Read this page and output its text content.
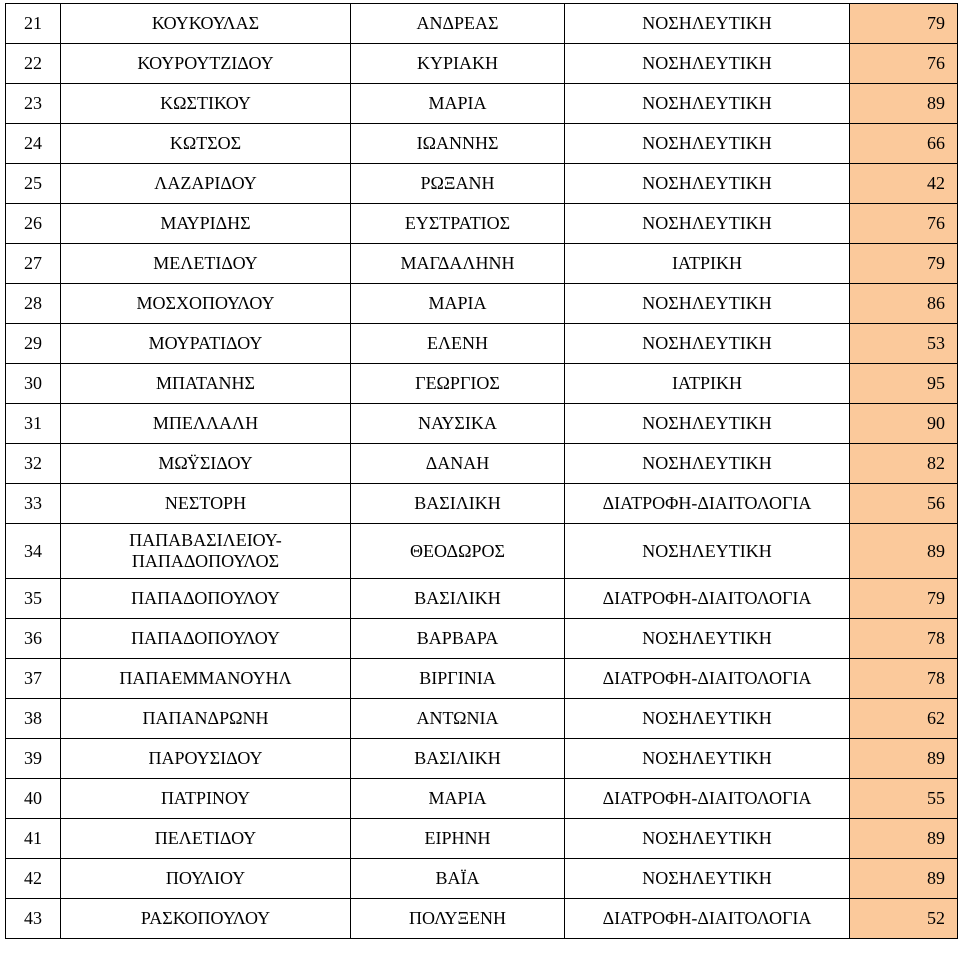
21	ΚΟΥΚΟΥΛΑΣ	ΑΝΔΡΕΑΣ	ΝΟΣΗΛΕΥΤΙΚΗ	79
22	ΚΟΥΡΟΥΤΖΙΔΟΥ	ΚΥΡΙΑΚΗ	ΝΟΣΗΛΕΥΤΙΚΗ	76
23	ΚΩΣΤΙΚΟΥ	ΜΑΡΙΑ	ΝΟΣΗΛΕΥΤΙΚΗ	89
24	ΚΩΤΣΟΣ	ΙΩΑΝΝΗΣ	ΝΟΣΗΛΕΥΤΙΚΗ	66
25	ΛΑΖΑΡΙΔΟΥ	ΡΩΞΑΝΗ	ΝΟΣΗΛΕΥΤΙΚΗ	42
26	ΜΑΥΡΙΔΗΣ	ΕΥΣΤΡΑΤΙΟΣ	ΝΟΣΗΛΕΥΤΙΚΗ	76
27	ΜΕΛΕΤΙΔΟΥ	ΜΑΓΔΑΛΗΝΗ	ΙΑΤΡΙΚΗ	79
28	ΜΟΣΧΟΠΟΥΛΟΥ	ΜΑΡΙΑ	ΝΟΣΗΛΕΥΤΙΚΗ	86
29	ΜΟΥΡΑΤΙΔΟΥ	ΕΛΕΝΗ	ΝΟΣΗΛΕΥΤΙΚΗ	53
30	ΜΠΑΤΑΝΗΣ	ΓΕΩΡΓΙΟΣ	ΙΑΤΡΙΚΗ	95
31	ΜΠΕΛΛΑΛΗ	ΝΑΥΣΙΚΑ	ΝΟΣΗΛΕΥΤΙΚΗ	90
32	ΜΩΫΣΙΔΟΥ	ΔΑΝΑΗ	ΝΟΣΗΛΕΥΤΙΚΗ	82
33	ΝΕΣΤΟΡΗ	ΒΑΣΙΛΙΚΗ	ΔΙΑΤΡΟΦΗ-ΔΙΑΙΤΟΛΟΓΙΑ	56
34	ΠΑΠΑΒΑΣΙΛΕΙΟΥ-
ΠΑΠΑΔΟΠΟΥΛΟΣ	ΘΕΟΔΩΡΟΣ	ΝΟΣΗΛΕΥΤΙΚΗ	89
35	ΠΑΠΑΔΟΠΟΥΛΟΥ	ΒΑΣΙΛΙΚΗ	ΔΙΑΤΡΟΦΗ-ΔΙΑΙΤΟΛΟΓΙΑ	79
36	ΠΑΠΑΔΟΠΟΥΛΟΥ	ΒΑΡΒΑΡΑ	ΝΟΣΗΛΕΥΤΙΚΗ	78
37	ΠΑΠΑΕΜΜΑΝΟΥΗΛ	ΒΙΡΓΙΝΙΑ	ΔΙΑΤΡΟΦΗ-ΔΙΑΙΤΟΛΟΓΙΑ	78
38	ΠΑΠΑΝΔΡΩΝΗ	ΑΝΤΩΝΙΑ	ΝΟΣΗΛΕΥΤΙΚΗ	62
39	ΠΑΡΟΥΣΙΔΟΥ	ΒΑΣΙΛΙΚΗ	ΝΟΣΗΛΕΥΤΙΚΗ	89
40	ΠΑΤΡΙΝΟΥ	ΜΑΡΙΑ	ΔΙΑΤΡΟΦΗ-ΔΙΑΙΤΟΛΟΓΙΑ	55
41	ΠΕΛΕΤΙΔΟΥ	ΕΙΡΗΝΗ	ΝΟΣΗΛΕΥΤΙΚΗ	89
42	ΠΟΥΛΙΟΥ	ΒΑΪΑ	ΝΟΣΗΛΕΥΤΙΚΗ	89
43	ΡΑΣΚΟΠΟΥΛΟΥ	ΠΟΛΥΞΕΝΗ	ΔΙΑΤΡΟΦΗ-ΔΙΑΙΤΟΛΟΓΙΑ	52
